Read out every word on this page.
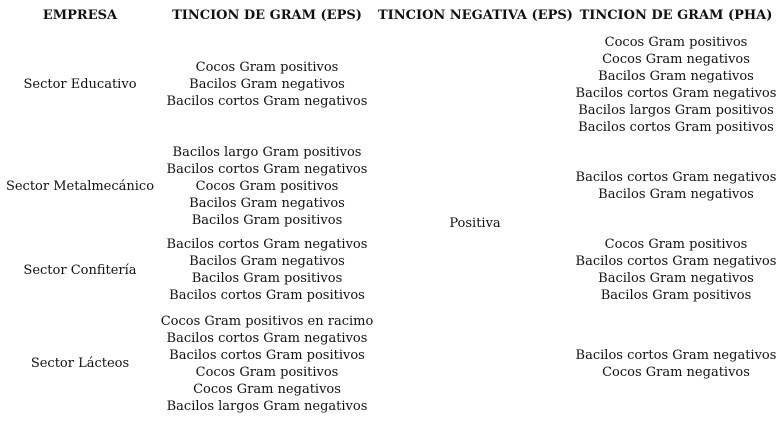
EMPRESA	TINCION DE GRAM (EPS)	TINCION NEGATIVA (EPS) TINCION DE GRAM (PHA)
Sector Educativo
Cocos Gram positivos
Bacilos Gram negativos
Bacilos cortos Gram negativos
Cocos Gram positivos
Cocos Gram negativos
Bacilos Gram negativos
Bacilos cortos Gram negativos
Bacilos largos Gram positivos
Bacilos cortos Gram positivos
Sector Metalmecánico
Bacilos largo Gram positivos
Bacilos cortos Gram negativos
Cocos Gram positivos
Bacilos Gram negativos
Bacilos Gram positivos
Bacilos cortos Gram negativos
Bacilos Gram negativos
Positiva
Sector Confitería
Bacilos cortos Gram negativos
Bacilos Gram negativos
Bacilos Gram positivos
Bacilos cortos Gram positivos
Cocos Gram positivos
Bacilos cortos Gram negativos
Bacilos Gram negativos
Bacilos Gram positivos
Sector Lácteos
Cocos Gram positivos en racimo
Bacilos cortos Gram negativos
Bacilos cortos Gram positivos
Cocos Gram positivos
Cocos Gram negativos
Bacilos largos Gram negativos
Bacilos cortos Gram negativos
Cocos Gram negativos
